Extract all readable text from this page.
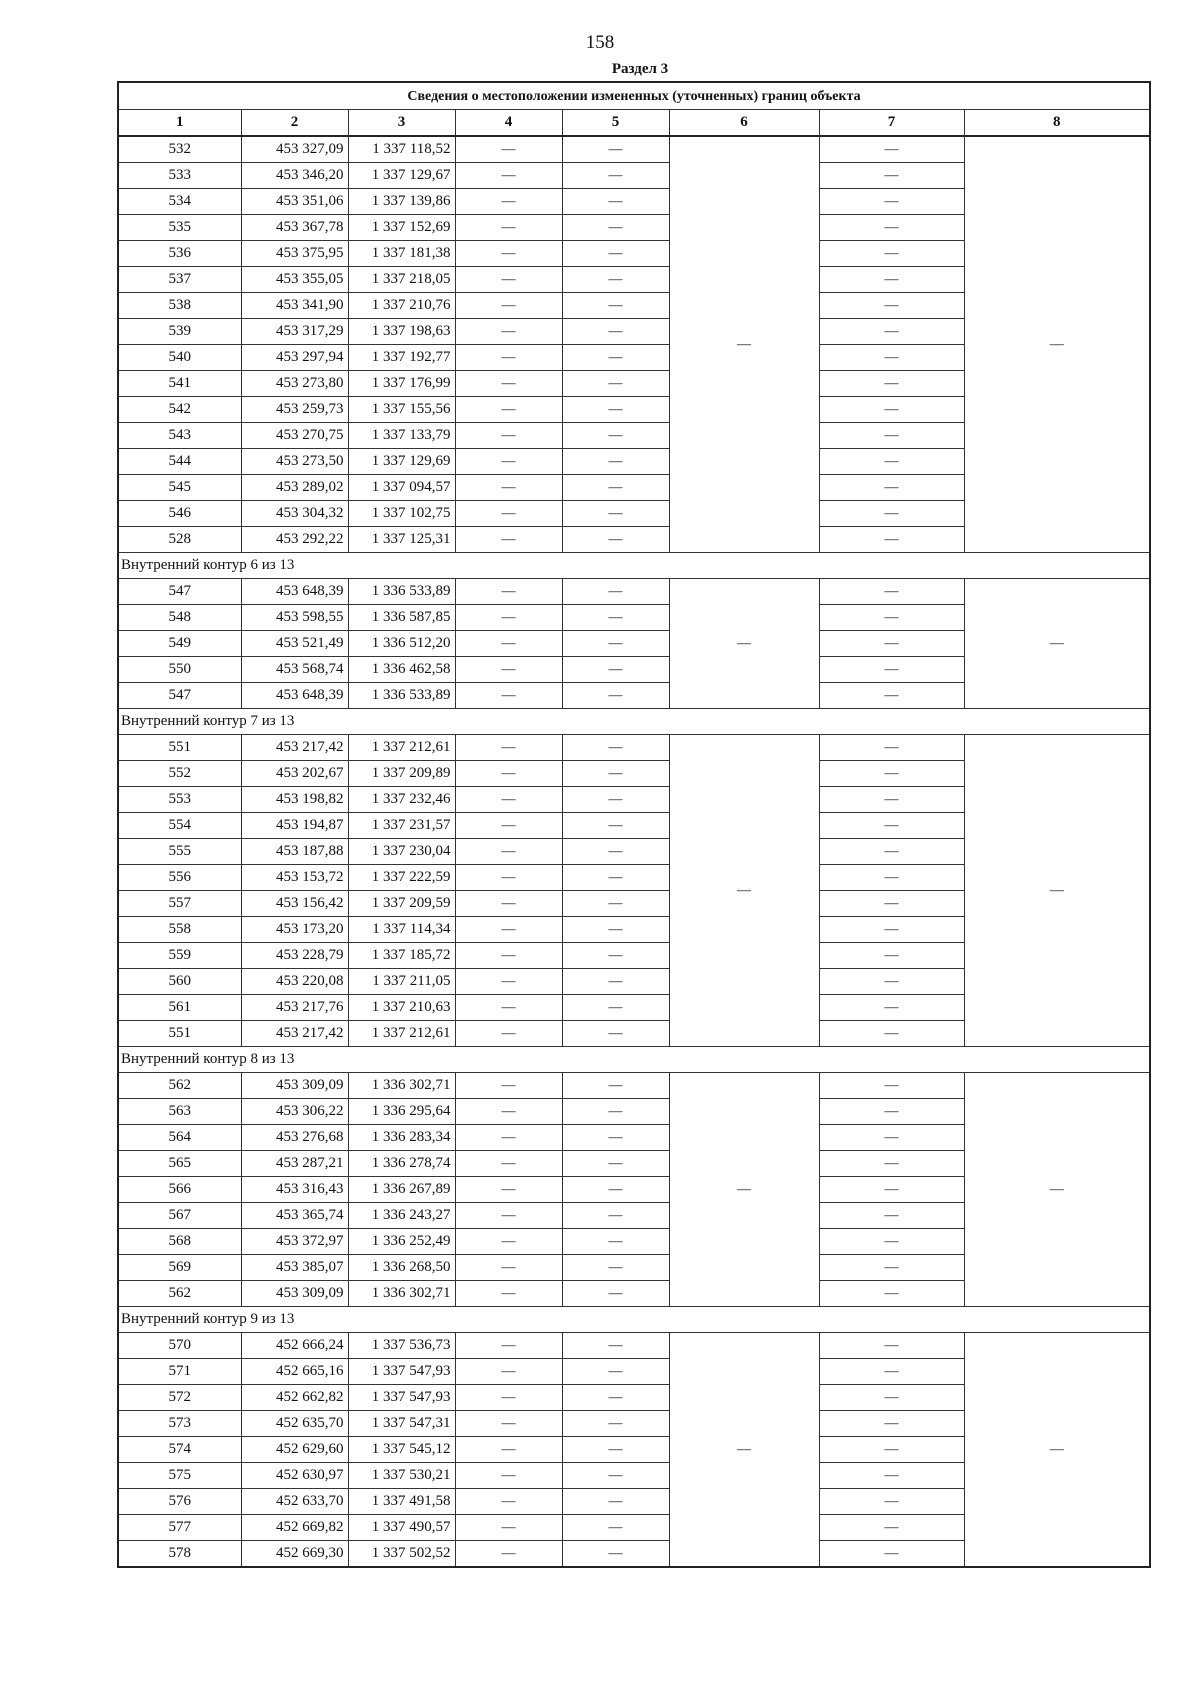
158
Раздел 3
Сведения о местоположении измененных (уточненных) границ объекта							
1	2	3	4	5	6	7	8
532	453 327,09	1 337 118,52	—	—	—	—	—
533	453 346,20	1 337 129,67	—	—		—	
534	453 351,06	1 337 139,86	—	—		—	
535	453 367,78	1 337 152,69	—	—		—	
536	453 375,95	1 337 181,38	—	—		—	
537	453 355,05	1 337 218,05	—	—		—	
538	453 341,90	1 337 210,76	—	—		—	
539	453 317,29	1 337 198,63	—	—		—	
540	453 297,94	1 337 192,77	—	—		—	
541	453 273,80	1 337 176,99	—	—		—	
542	453 259,73	1 337 155,56	—	—		—	
543	453 270,75	1 337 133,79	—	—		—	
544	453 273,50	1 337 129,69	—	—		—	
545	453 289,02	1 337 094,57	—	—		—	
546	453 304,32	1 337 102,75	—	—		—	
528	453 292,22	1 337 125,31	—	—		—	
Внутренний контур 6 из 13							
547	453 648,39	1 336 533,89	—	—	—	—	—
548	453 598,55	1 336 587,85	—	—		—	
549	453 521,49	1 336 512,20	—	—		—	
550	453 568,74	1 336 462,58	—	—		—	
547	453 648,39	1 336 533,89	—	—		—	
Внутренний контур 7 из 13							
551	453 217,42	1 337 212,61	—	—	—	—	—
552	453 202,67	1 337 209,89	—	—		—	
553	453 198,82	1 337 232,46	—	—		—	
554	453 194,87	1 337 231,57	—	—		—	
555	453 187,88	1 337 230,04	—	—		—	
556	453 153,72	1 337 222,59	—	—		—	
557	453 156,42	1 337 209,59	—	—		—	
558	453 173,20	1 337 114,34	—	—		—	
559	453 228,79	1 337 185,72	—	—		—	
560	453 220,08	1 337 211,05	—	—		—	
561	453 217,76	1 337 210,63	—	—		—	
551	453 217,42	1 337 212,61	—	—		—	
Внутренний контур 8 из 13							
562	453 309,09	1 336 302,71	—	—	—	—	—
563	453 306,22	1 336 295,64	—	—		—	
564	453 276,68	1 336 283,34	—	—		—	
565	453 287,21	1 336 278,74	—	—		—	
566	453 316,43	1 336 267,89	—	—		—	
567	453 365,74	1 336 243,27	—	—		—	
568	453 372,97	1 336 252,49	—	—		—	
569	453 385,07	1 336 268,50	—	—		—	
562	453 309,09	1 336 302,71	—	—		—	
Внутренний контур 9 из 13							
570	452 666,24	1 337 536,73	—	—	—	—	—
571	452 665,16	1 337 547,93	—	—		—	
572	452 662,82	1 337 547,93	—	—		—	
573	452 635,70	1 337 547,31	—	—		—	
574	452 629,60	1 337 545,12	—	—		—	
575	452 630,97	1 337 530,21	—	—		—	
576	452 633,70	1 337 491,58	—	—		—	
577	452 669,82	1 337 490,57	—	—		—	
578	452 669,30	1 337 502,52	—	—		—	
